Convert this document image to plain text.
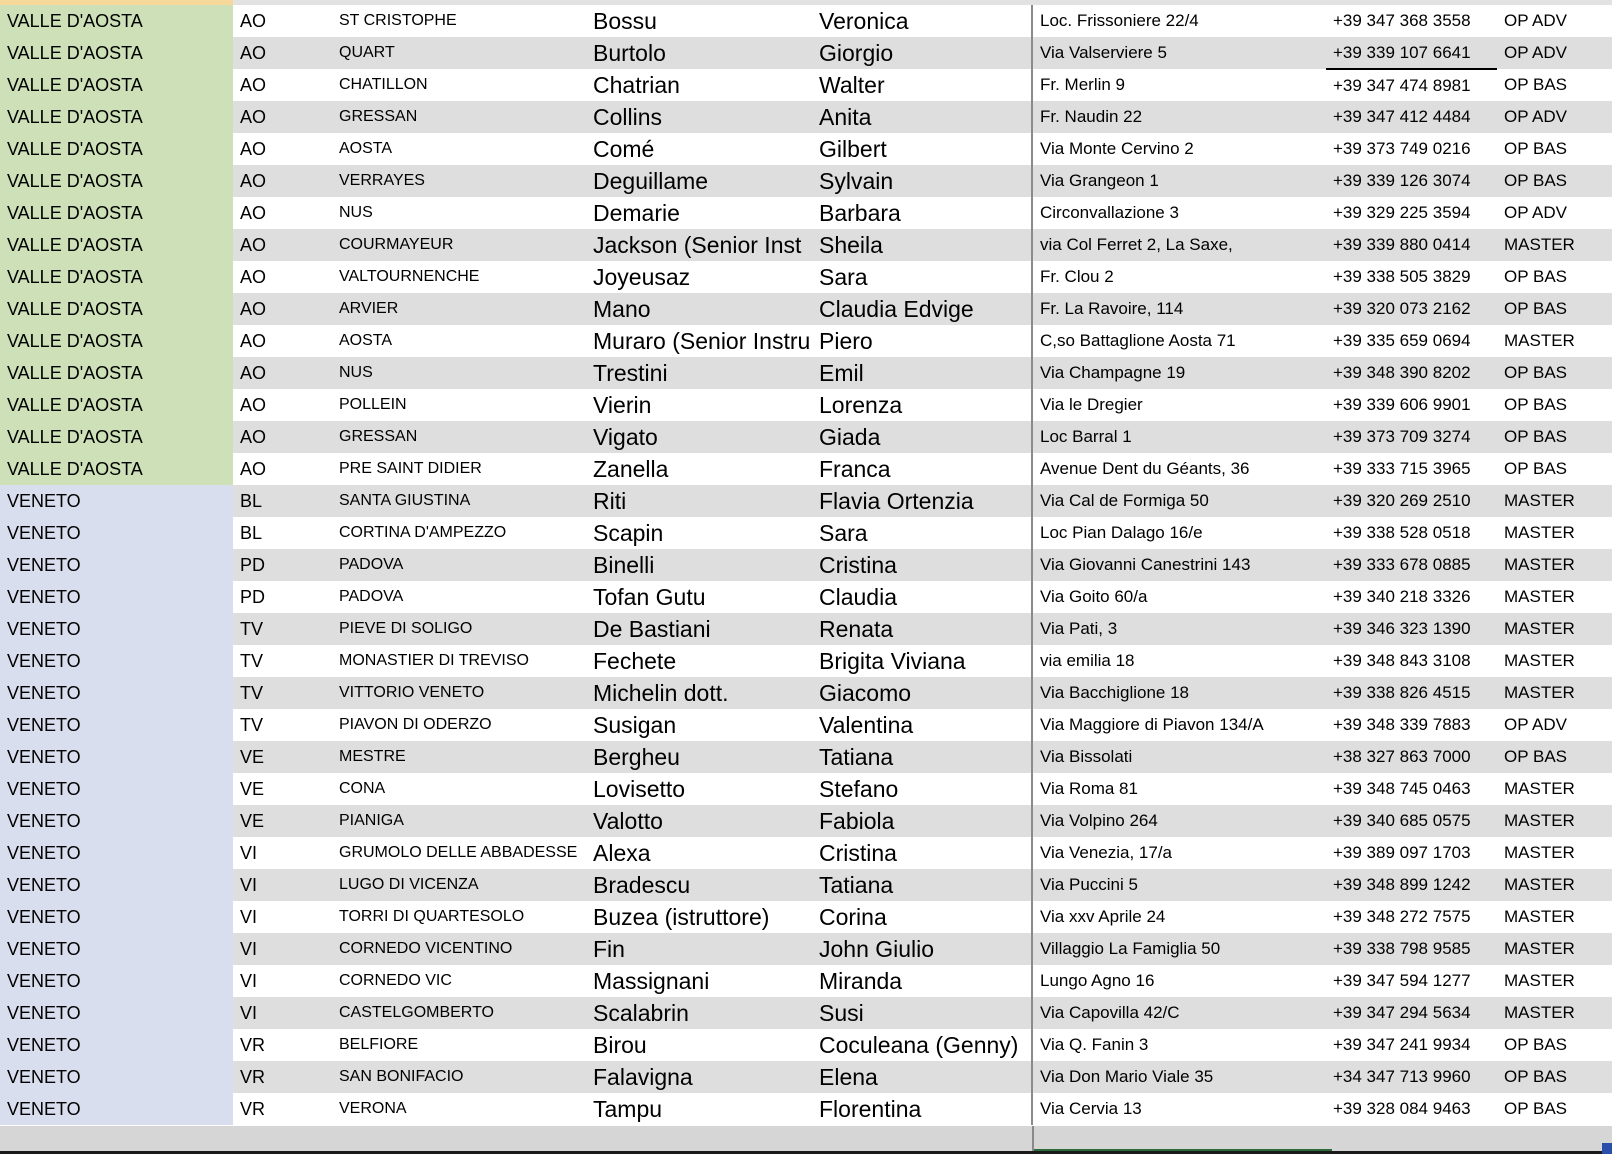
VALLE D'AOSTA	AO	ST CRISTOPHE	Bossu	Veronica	Loc. Frissoniere 22/4	+39 347 368 3558	OP ADV
VALLE D'AOSTA	AO	QUART	Burtolo	Giorgio	Via Valserviere 5	+39 339 107 6641	OP ADV
VALLE D'AOSTA	AO	CHATILLON	Chatrian	Walter	Fr. Merlin 9	+39 347 474 8981	OP BAS
VALLE D'AOSTA	AO	GRESSAN	Collins	Anita	Fr. Naudin 22	+39 347 412 4484	OP ADV
VALLE D'AOSTA	AO	AOSTA	Comé	Gilbert	Via Monte Cervino 2	+39 373 749 0216	OP BAS
VALLE D'AOSTA	AO	VERRAYES	Deguillame	Sylvain	Via Grangeon 1	+39 339 126 3074	OP BAS
VALLE D'AOSTA	AO	NUS	Demarie	Barbara	Circonvallazione 3	+39 329 225 3594	OP ADV
VALLE D'AOSTA	AO	COURMAYEUR	Jackson (Senior Inst	Sheila	via Col Ferret 2, La Saxe,	+39 339 880 0414	MASTER
VALLE D'AOSTA	AO	VALTOURNENCHE	Joyeusaz	Sara	Fr. Clou 2	+39 338 505 3829	OP BAS
VALLE D'AOSTA	AO	ARVIER	Mano	Claudia Edvige	Fr. La Ravoire, 114	+39 320 073 2162	OP BAS
VALLE D'AOSTA	AO	AOSTA	Muraro (Senior Instru	Piero	C,so Battaglione Aosta 71	+39 335 659 0694	MASTER
VALLE D'AOSTA	AO	NUS	Trestini	Emil	Via Champagne 19	+39 348 390 8202	OP BAS
VALLE D'AOSTA	AO	POLLEIN	Vierin	Lorenza	Via le Dregier	+39 339 606 9901	OP BAS
VALLE D'AOSTA	AO	GRESSAN	Vigato	Giada	Loc Barral 1	+39 373 709 3274	OP BAS
VALLE D'AOSTA	AO	PRE SAINT DIDIER	Zanella	Franca	Avenue Dent du Géants, 36	+39 333 715 3965	OP BAS
VENETO	BL	SANTA GIUSTINA	Riti	Flavia Ortenzia	Via Cal de Formiga 50	+39 320 269 2510	MASTER
VENETO	BL	CORTINA D'AMPEZZO	Scapin	Sara	Loc Pian Dalago 16/e	+39 338 528 0518	MASTER
VENETO	PD	PADOVA	Binelli	Cristina	Via Giovanni Canestrini 143	+39 333 678 0885	MASTER
VENETO	PD	PADOVA	Tofan Gutu	Claudia	Via Goito 60/a	+39 340 218 3326	MASTER
VENETO	TV	PIEVE DI SOLIGO	De Bastiani	Renata	Via Pati, 3	+39 346 323 1390	MASTER
VENETO	TV	MONASTIER DI TREVISO	Fechete	Brigita Viviana	via emilia 18	+39 348 843 3108	MASTER
VENETO	TV	VITTORIO VENETO	Michelin dott.	Giacomo	Via Bacchiglione 18	+39 338 826 4515	MASTER
VENETO	TV	PIAVON DI ODERZO	Susigan	Valentina	Via Maggiore di Piavon 134/A	+39 348 339 7883	OP ADV
VENETO	VE	MESTRE	Bergheu	Tatiana	Via Bissolati	+38 327 863 7000	OP BAS
VENETO	VE	CONA	Lovisetto	Stefano	Via Roma 81	+39 348 745 0463	MASTER
VENETO	VE	PIANIGA	Valotto	Fabiola	Via Volpino 264	+39 340 685 0575	MASTER
VENETO	VI	GRUMOLO DELLE ABBADESSE	Alexa	Cristina	Via Venezia, 17/a	+39 389 097 1703	MASTER
VENETO	VI	LUGO DI VICENZA	Bradescu	Tatiana	Via Puccini 5	+39 348 899 1242	MASTER
VENETO	VI	TORRI DI QUARTESOLO	Buzea (istruttore)	Corina	Via xxv Aprile 24	+39 348 272 7575	MASTER
VENETO	VI	CORNEDO VICENTINO	Fin	John Giulio	Villaggio La Famiglia 50	+39 338 798 9585	MASTER
VENETO	VI	CORNEDO VIC	Massignani	Miranda	Lungo Agno 16	+39 347 594 1277	MASTER
VENETO	VI	CASTELGOMBERTO	Scalabrin	Susi	Via Capovilla 42/C	+39 347 294 5634	MASTER
VENETO	VR	BELFIORE	Birou	Coculeana (Genny)	Via Q. Fanin 3	+39 347 241 9934	OP BAS
VENETO	VR	SAN BONIFACIO	Falavigna	Elena	Via Don Mario Viale 35	+34 347 713 9960	OP BAS
VENETO	VR	VERONA	Tampu	Florentina	Via Cervia 13	+39 328 084 9463	OP BAS
